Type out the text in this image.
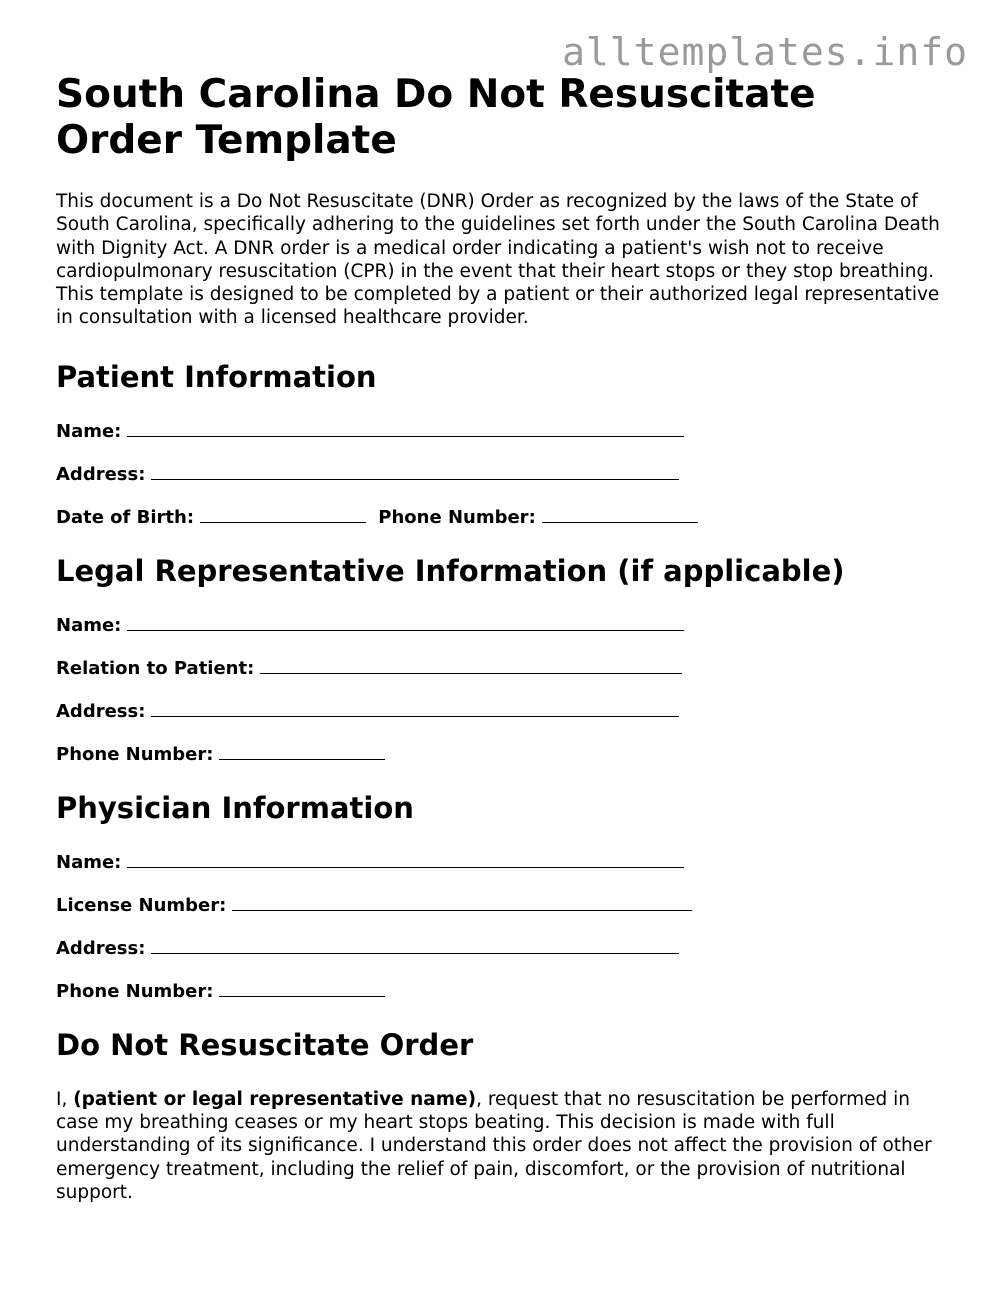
alltemplates.info
South Carolina Do Not Resuscitate Order Template

This document is a Do Not Resuscitate (DNR) Order as recognized by the laws of the State of South Carolina, specifically adhering to the guidelines set forth under the South Carolina Death with Dignity Act. A DNR order is a medical order indicating a patient's wish not to receive cardiopulmonary resuscitation (CPR) in the event that their heart stops or they stop breathing. This template is designed to be completed by a patient or their authorized legal representative in consultation with a licensed healthcare provider.

Patient Information
Name:
Address:
Date of Birth:	Phone Number:
Legal Representative Information (if applicable)
Name:
Relation to Patient:
Address:
Phone Number:
Physician Information
Name:
License Number:
Address:
Phone Number:
Do Not Resuscitate Order

I, (patient or legal representative name), request that no resuscitation be performed in case my breathing ceases or my heart stops beating. This decision is made with full understanding of its significance. I understand this order does not affect the provision of other emergency treatment, including the relief of pain, discomfort, or the provision of nutritional support.
